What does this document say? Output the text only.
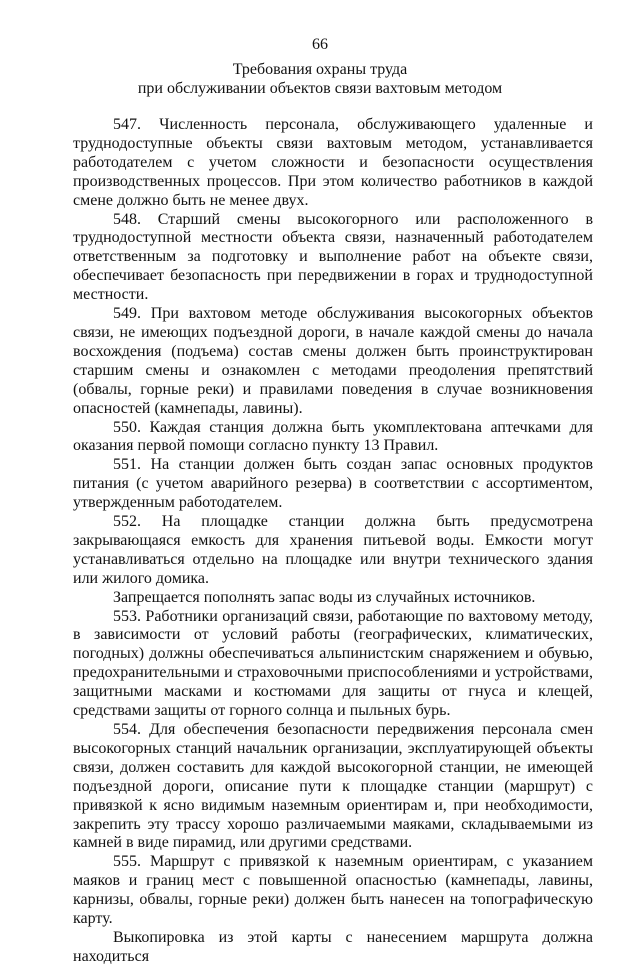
66
Требования охраны труда
при обслуживании объектов связи вахтовым методом

547. Численность персонала, обслуживающего удаленные и труднодоступные объекты связи вахтовым методом, устанавливается работодателем с учетом сложности и безопасности осуществления производственных процессов. При этом количество работников в каждой смене должно быть не менее двух.

548. Старший смены высокогорного или расположенного в труднодоступной местности объекта связи, назначенный работодателем ответственным за подготовку и выполнение работ на объекте связи, обеспечивает безопасность при передвижении в горах и труднодоступной местности.

549. При вахтовом методе обслуживания высокогорных объектов связи, не имеющих подъездной дороги, в начале каждой смены до начала восхождения (подъема) состав смены должен быть проинструктирован старшим смены и ознакомлен с методами преодоления препятствий (обвалы, горные реки) и правилами поведения в случае возникновения опасностей (камнепады, лавины).

550. Каждая станция должна быть укомплектована аптечками для оказания первой помощи согласно пункту 13 Правил.

551. На станции должен быть создан запас основных продуктов питания (с учетом аварийного резерва) в соответствии с ассортиментом, утвержденным работодателем.

552. На площадке станции должна быть предусмотрена закрывающаяся емкость для хранения питьевой воды. Емкости могут устанавливаться отдельно на площадке или внутри технического здания или жилого домика.

Запрещается пополнять запас воды из случайных источников.

553. Работники организаций связи, работающие по вахтовому методу, в зависимости от условий работы (географических, климатических, погодных) должны обеспечиваться альпинистским снаряжением и обувью, предохранительными и страховочными приспособлениями и устройствами, защитными масками и костюмами для защиты от гнуса и клещей, средствами защиты от горного солнца и пыльных бурь.

554. Для обеспечения безопасности передвижения персонала смен высокогорных станций начальник организации, эксплуатирующей объекты связи, должен составить для каждой высокогорной станции, не имеющей подъездной дороги, описание пути к площадке станции (маршрут) с привязкой к ясно видимым наземным ориентирам и, при необходимости, закрепить эту трассу хорошо различаемыми маяками, складываемыми из камней в виде пирамид, или другими средствами.

555. Маршрут с привязкой к наземным ориентирам, с указанием маяков и границ мест с повышенной опасностью (камнепады, лавины, карнизы, обвалы, горные реки) должен быть нанесен на топографическую карту.

Выкопировка из этой карты с нанесением маршрута должна находиться
